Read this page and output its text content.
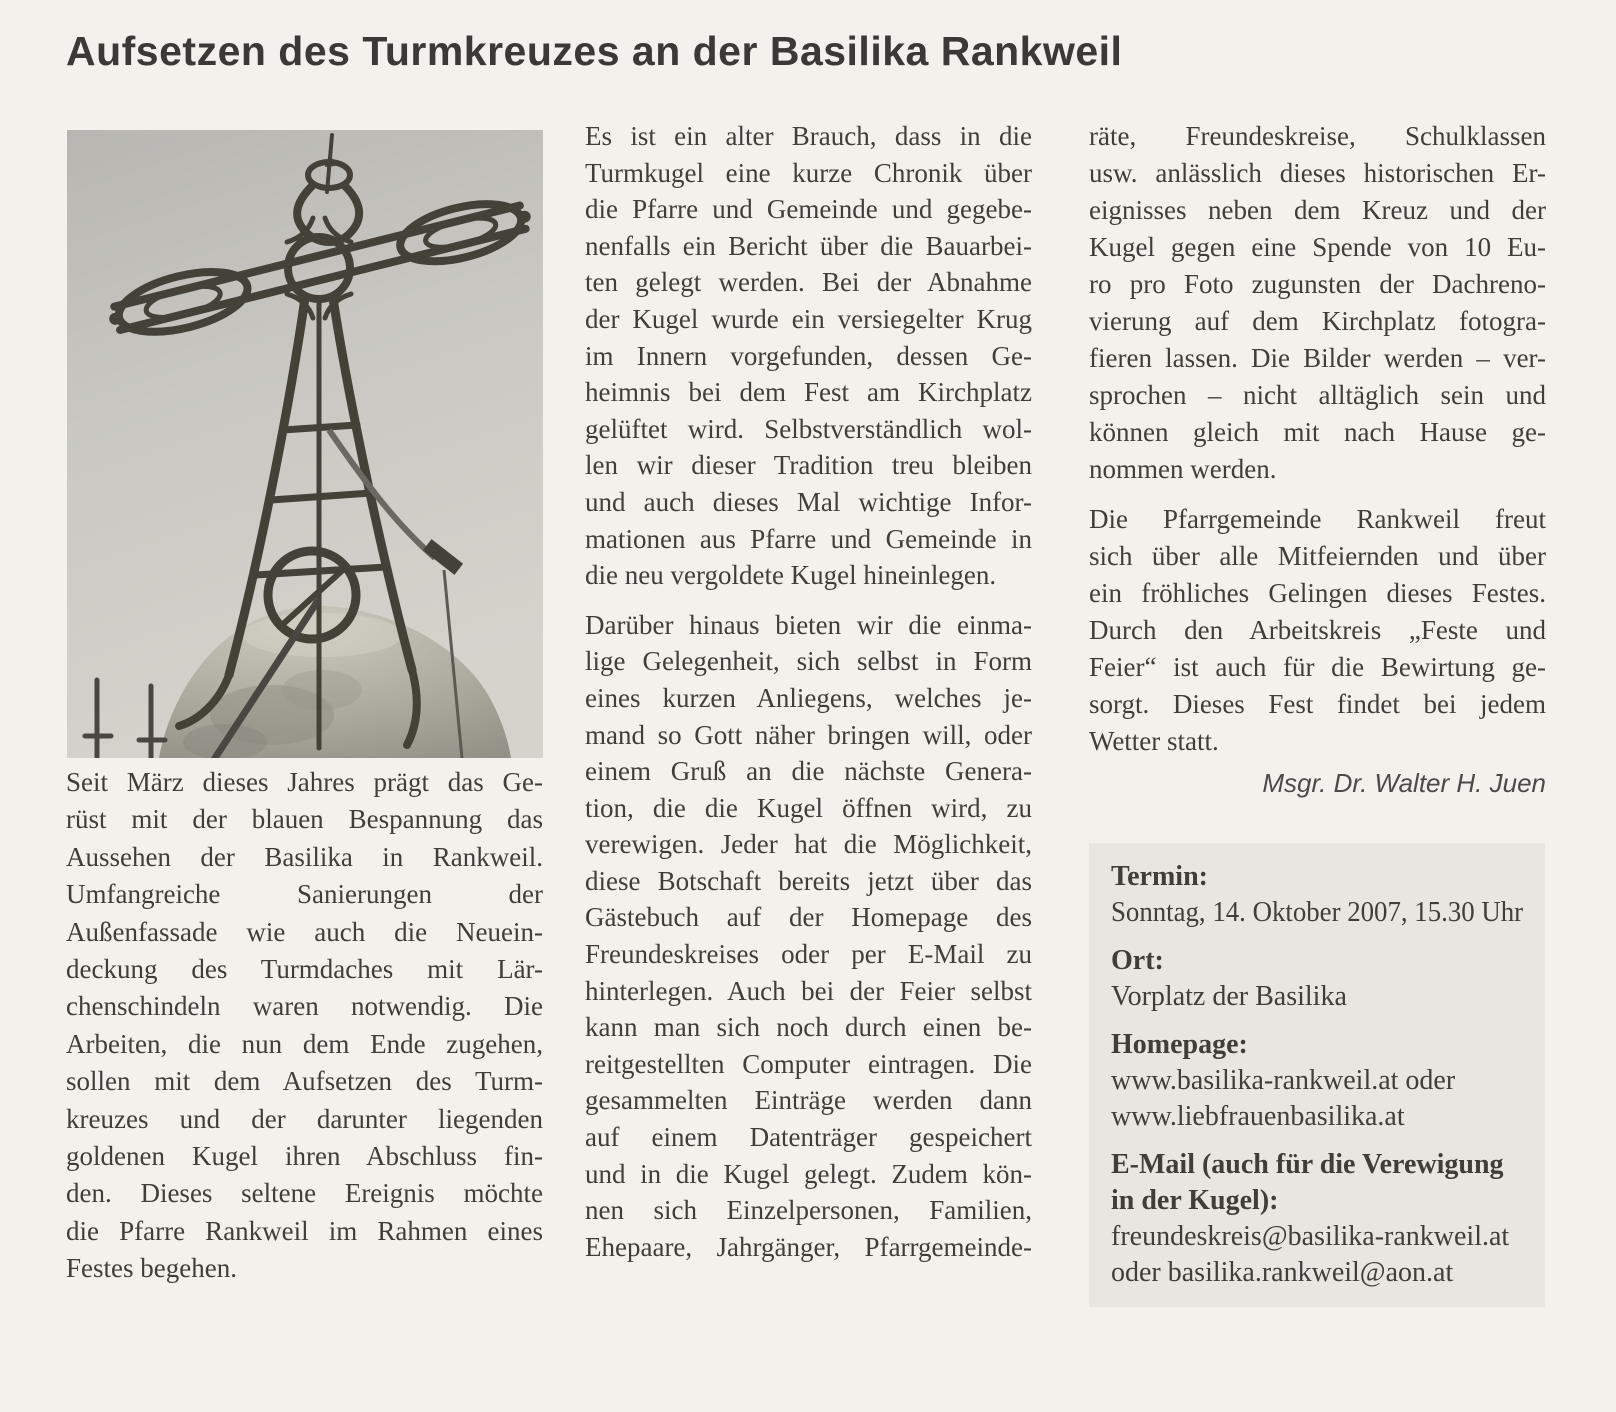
Aufsetzen des Turmkreuzes an der Basilika Rankweil
Seit März dieses Jahres prägt das Ge-
rüst mit der blauen Bespannung das
Aussehen der Basilika in Rankweil.
Umfangreiche Sanierungen der
Außenfassade wie auch die Neuein-
deckung des Turmdaches mit Lär-
chenschindeln waren notwendig. Die
Arbeiten, die nun dem Ende zugehen,
sollen mit dem Aufsetzen des Turm-
kreuzes und der darunter liegenden
goldenen Kugel ihren Abschluss fin-
den. Dieses seltene Ereignis möchte
die Pfarre Rankweil im Rahmen eines
Festes begehen.
Es ist ein alter Brauch, dass in die
Turmkugel eine kurze Chronik über
die Pfarre und Gemeinde und gegebe-
nenfalls ein Bericht über die Bauarbei-
ten gelegt werden. Bei der Abnahme
der Kugel wurde ein versiegelter Krug
im Innern vorgefunden, dessen Ge-
heimnis bei dem Fest am Kirchplatz
gelüftet wird. Selbstverständlich wol-
len wir dieser Tradition treu bleiben
und auch dieses Mal wichtige Infor-
mationen aus Pfarre und Gemeinde in
die neu vergoldete Kugel hineinlegen.
Darüber hinaus bieten wir die einma-
lige Gelegenheit, sich selbst in Form
eines kurzen Anliegens, welches je-
mand so Gott näher bringen will, oder
einem Gruß an die nächste Genera-
tion, die die Kugel öffnen wird, zu
verewigen. Jeder hat die Möglichkeit,
diese Botschaft bereits jetzt über das
Gästebuch auf der Homepage des
Freundeskreises oder per E-Mail zu
hinterlegen. Auch bei der Feier selbst
kann man sich noch durch einen be-
reitgestellten Computer eintragen. Die
gesammelten Einträge werden dann
auf einem Datenträger gespeichert
und in die Kugel gelegt. Zudem kön-
nen sich Einzelpersonen, Familien,
Ehepaare, Jahrgänger, Pfarrgemeinde-
räte, Freundeskreise, Schulklassen
usw. anlässlich dieses historischen Er-
eignisses neben dem Kreuz und der
Kugel gegen eine Spende von 10 Eu-
ro pro Foto zugunsten der Dachreno-
vierung auf dem Kirchplatz fotogra-
fieren lassen. Die Bilder werden – ver-
sprochen – nicht alltäglich sein und
können gleich mit nach Hause ge-
nommen werden.
Die Pfarrgemeinde Rankweil freut
sich über alle Mitfeiernden und über
ein fröhliches Gelingen dieses Festes.
Durch den Arbeitskreis „Feste und
Feier“ ist auch für die Bewirtung ge-
sorgt. Dieses Fest findet bei jedem
Wetter statt.
Msgr. Dr. Walter H. Juen
Termin:
Sonntag, 14. Oktober 2007, 15.30 Uhr
Ort:
Vorplatz der Basilika
Homepage:
www.basilika-rankweil.at oder
www.liebfrauenbasilika.at
E-Mail (auch für die Verewigung
in der Kugel):
freundeskreis@basilika-rankweil.at
oder basilika.rankweil@aon.at
